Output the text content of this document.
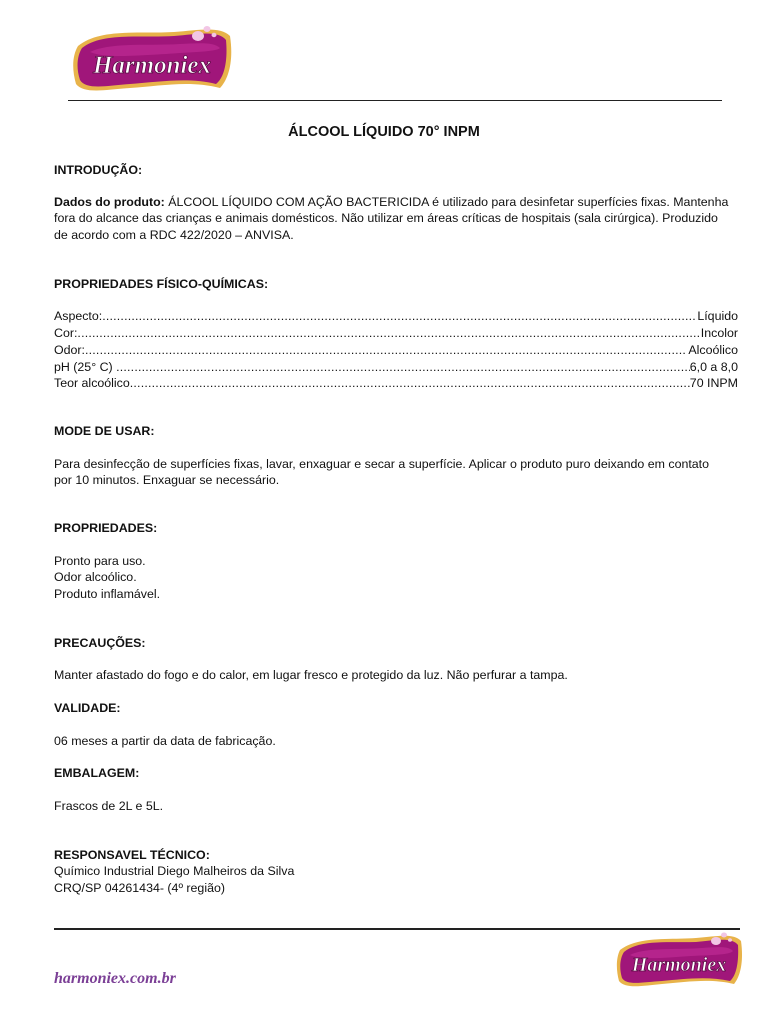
Harmoniex
ÁLCOOL LÍQUIDO 70° INPM
INTRODUÇÃO:
Dados do produto: ÁLCOOL LÍQUIDO COM AÇÃO BACTERICIDA é utilizado para desinfetar superfícies fixas. Mantenha
fora do alcance das crianças e animais domésticos. Não utilizar em áreas críticas de hospitais (sala cirúrgica). Produzido
de acordo com a RDC 422/2020 – ANVISA.
PROPRIEDADES FÍSICO-QUÍMICAS:
Aspecto: .....	Líquido
Cor: .....	Incolor
Odor: .....	Alcoólico
pH (25° C) .....	6,0 a 8,0
Teor alcoólico .....	70 INPM
MODE DE USAR:
Para desinfecção de superfícies fixas, lavar, enxaguar e secar a superfície. Aplicar o produto puro deixando em contato
por 10 minutos. Enxaguar se necessário.
PROPRIEDADES:
Pronto para uso.
Odor alcoólico.
Produto inflamável.
PRECAUÇÕES:
Manter afastado do fogo e do calor, em lugar fresco e protegido da luz. Não perfurar a tampa.
VALIDADE:
06 meses a partir da data de fabricação.
EMBALAGEM:
Frascos de 2L e 5L.
RESPONSAVEL TÉCNICO:
Químico Industrial Diego Malheiros da Silva
CRQ/SP 04261434- (4º região)
harmoniex.com.br
Harmoniex
